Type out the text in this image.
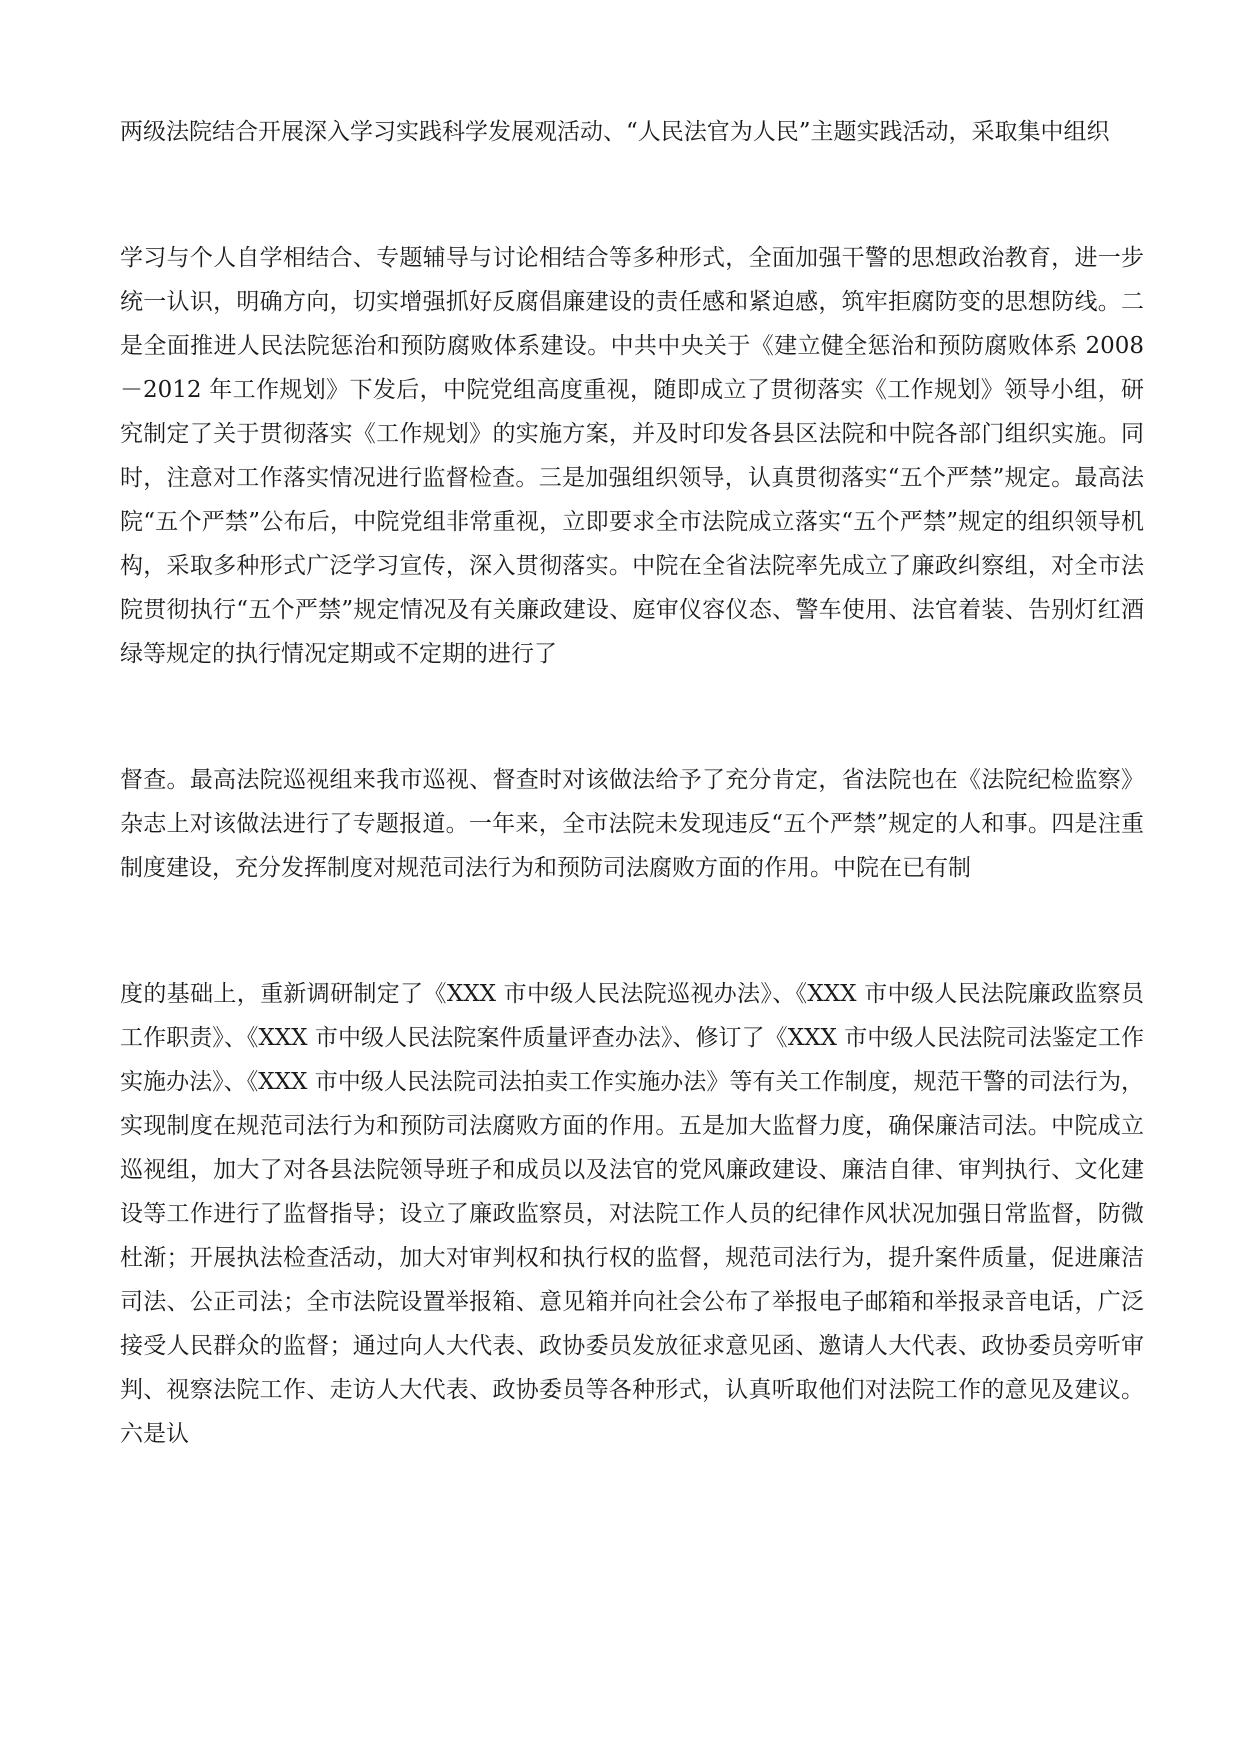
两级法院结合开展深入学习实践科学发展观活动、“人民法官为人民”主题实践活动，采取集中组织

学习与个人自学相结合、专题辅导与讨论相结合等多种形式，全面加强干警的思想政治教育，进一步统一认识，明确方向，切实增强抓好反腐倡廉建设的责任感和紧迫感，筑牢拒腐防变的思想防线。二是全面推进人民法院惩治和预防腐败体系建设。中共中央关于《建立健全惩治和预防腐败体系 2008－2012 年工作规划》下发后，中院党组高度重视，随即成立了贯彻落实《工作规划》领导小组，研究制定了关于贯彻落实《工作规划》的实施方案，并及时印发各县区法院和中院各部门组织实施。同时，注意对工作落实情况进行监督检查。三是加强组织领导，认真贯彻落实“五个严禁”规定。最高法院“五个严禁”公布后，中院党组非常重视，立即要求全市法院成立落实“五个严禁”规定的组织领导机构，采取多种形式广泛学习宣传，深入贯彻落实。中院在全省法院率先成立了廉政纠察组，对全市法院贯彻执行“五个严禁”规定情况及有关廉政建设、庭审仪容仪态、警车使用、法官着装、告别灯红酒绿等规定的执行情况定期或不定期的进行了

督查。最高法院巡视组来我市巡视、督查时对该做法给予了充分肯定，省法院也在《法院纪检监察》杂志上对该做法进行了专题报道。一年来，全市法院未发现违反“五个严禁”规定的人和事。四是注重制度建设，充分发挥制度对规范司法行为和预防司法腐败方面的作用。中院在已有制

度的基础上，重新调研制定了《XXX 市中级人民法院巡视办法》、《XXX 市中级人民法院廉政监察员工作职责》、《XXX 市中级人民法院案件质量评查办法》、修订了《XXX 市中级人民法院司法鉴定工作实施办法》、《XXX 市中级人民法院司法拍卖工作实施办法》等有关工作制度，规范干警的司法行为，实现制度在规范司法行为和预防司法腐败方面的作用。五是加大监督力度，确保廉洁司法。中院成立巡视组，加大了对各县法院领导班子和成员以及法官的党风廉政建设、廉洁自律、审判执行、文化建设等工作进行了监督指导；设立了廉政监察员，对法院工作人员的纪律作风状况加强日常监督，防微杜渐；开展执法检查活动，加大对审判权和执行权的监督，规范司法行为，提升案件质量，促进廉洁司法、公正司法；全市法院设置举报箱、意见箱并向社会公布了举报电子邮箱和举报录音电话，广泛接受人民群众的监督；通过向人大代表、政协委员发放征求意见函、邀请人大代表、政协委员旁听审判、视察法院工作、走访人大代表、政协委员等各种形式，认真听取他们对法院工作的意见及建议。六是认
